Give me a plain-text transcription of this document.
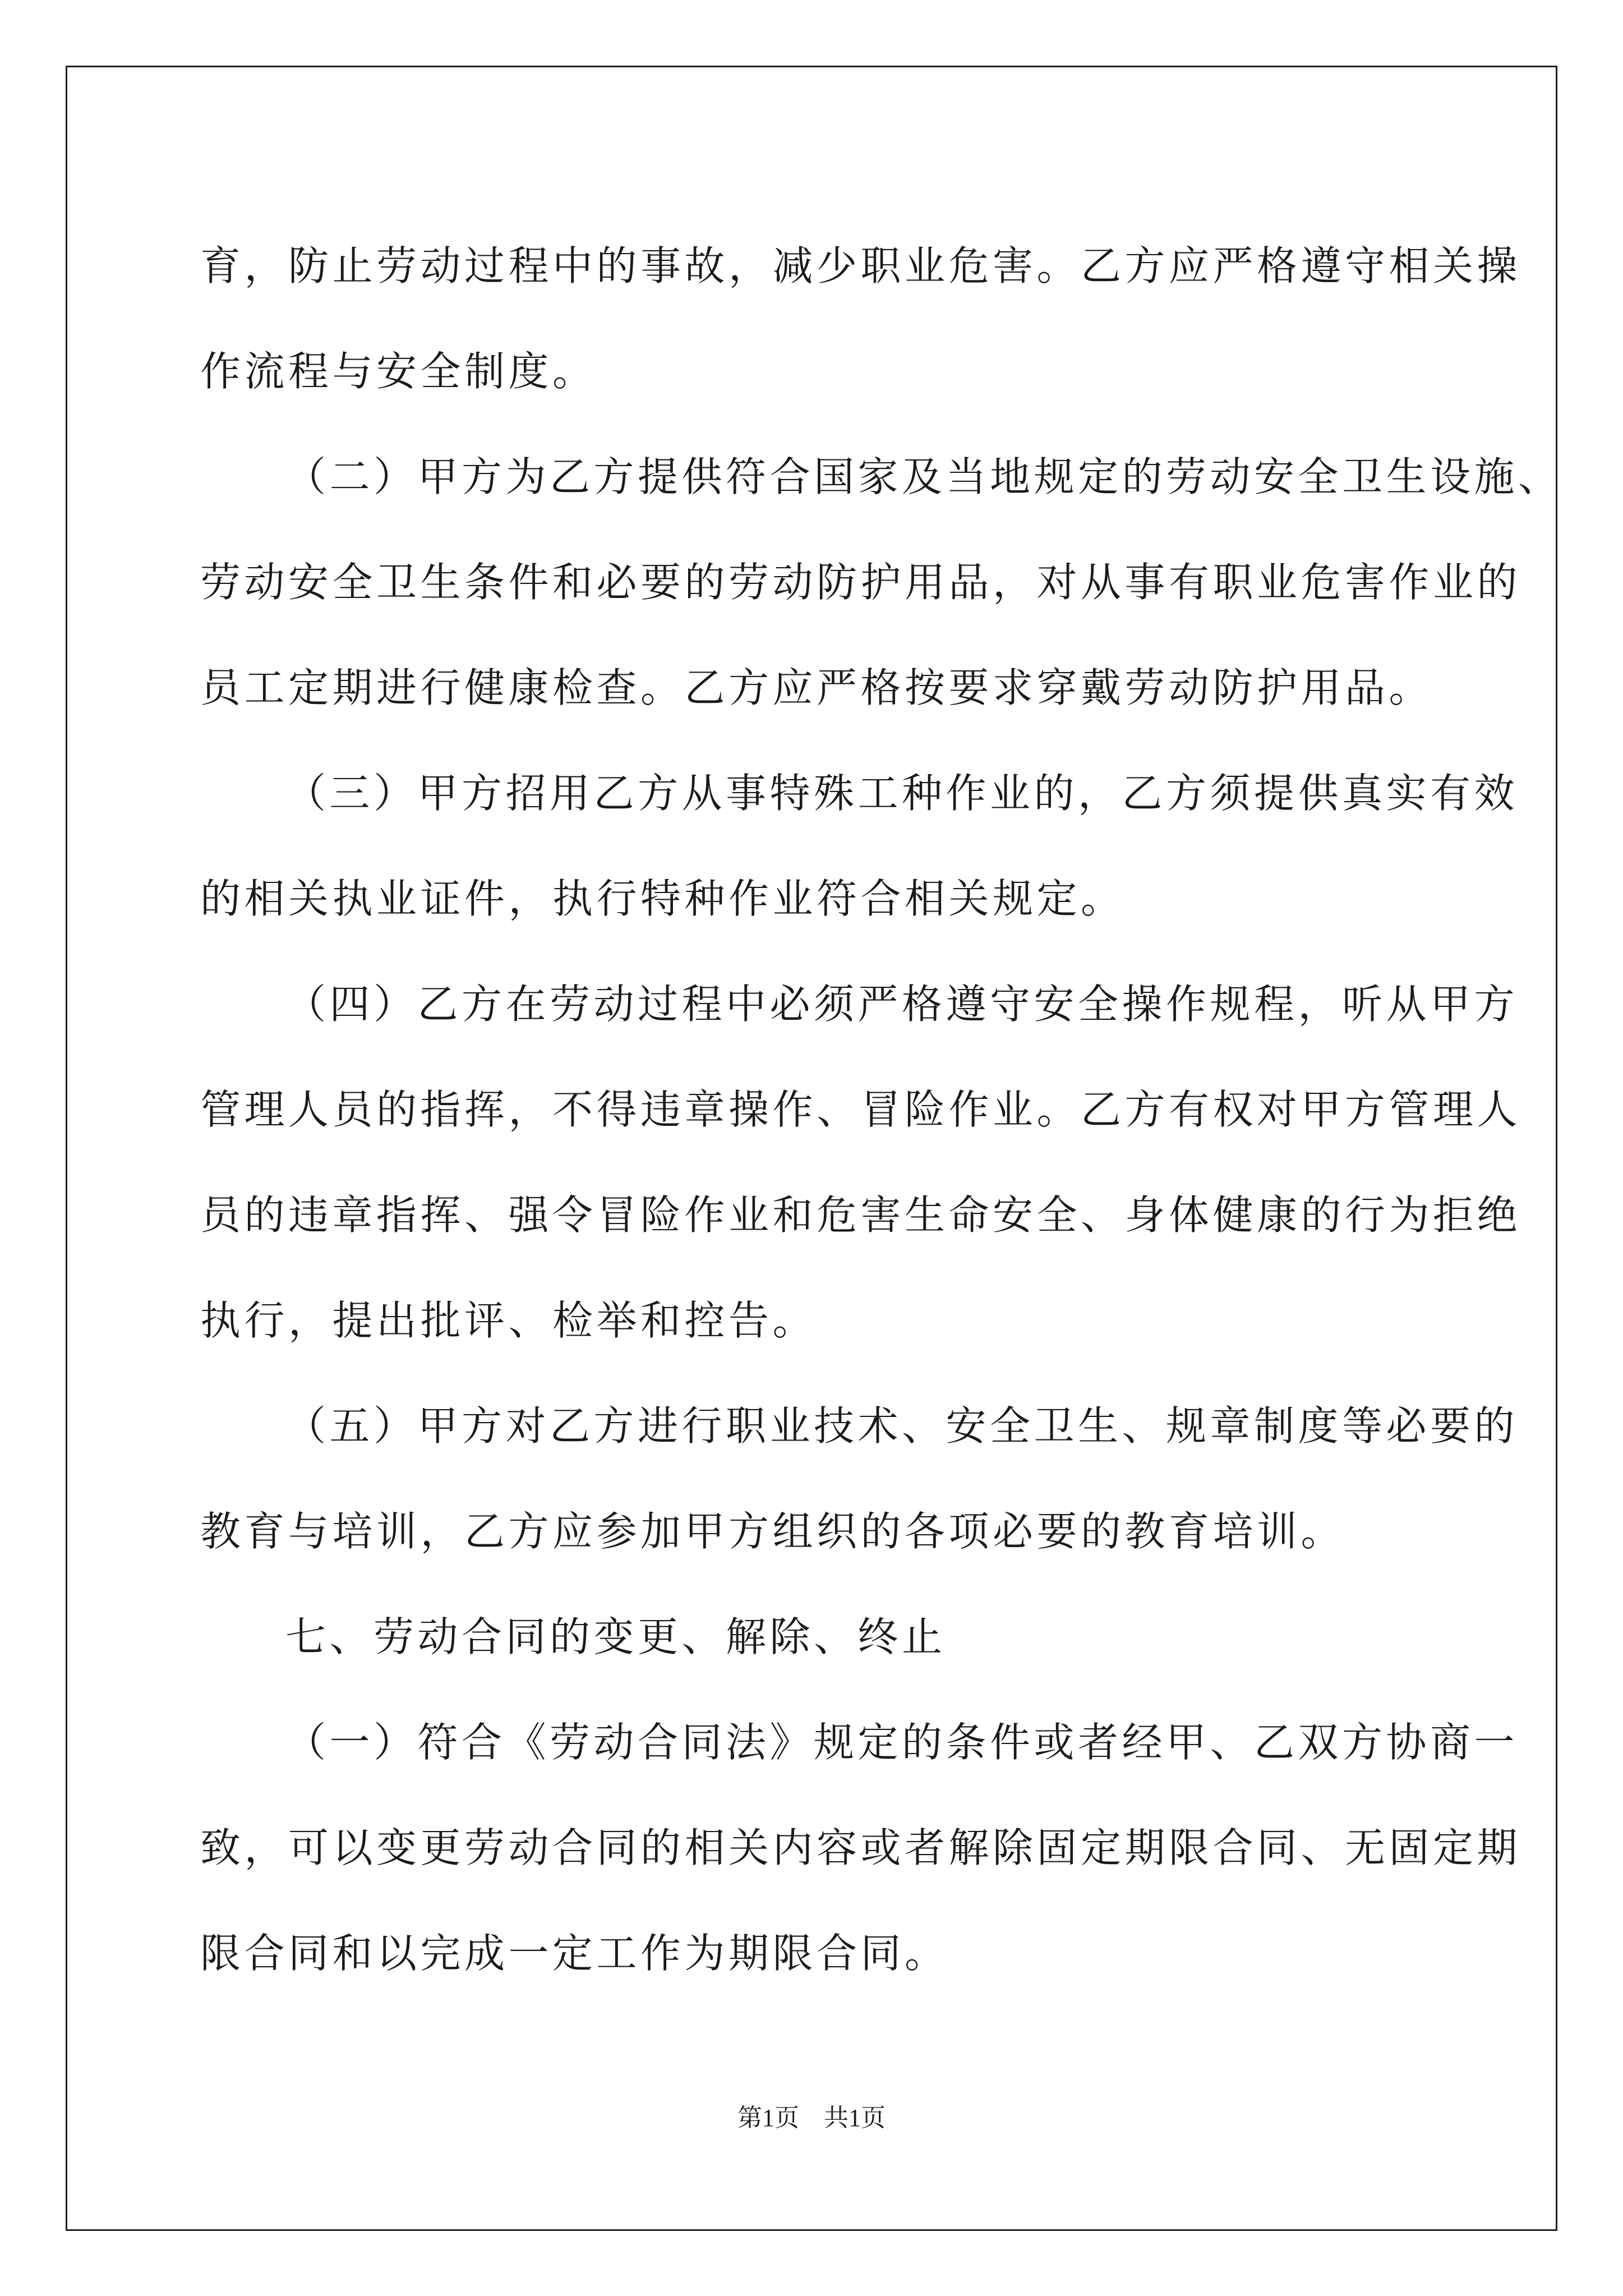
育，防止劳动过程中的事故，减少职业危害。乙方应严格遵守相关操

作流程与安全制度。

（二）甲方为乙方提供符合国家及当地规定的劳动安全卫生设施、

劳动安全卫生条件和必要的劳动防护用品，对从事有职业危害作业的

员工定期进行健康检查。乙方应严格按要求穿戴劳动防护用品。

（三）甲方招用乙方从事特殊工种作业的，乙方须提供真实有效

的相关执业证件，执行特种作业符合相关规定。

（四）乙方在劳动过程中必须严格遵守安全操作规程，听从甲方

管理人员的指挥，不得违章操作、冒险作业。乙方有权对甲方管理人

员的违章指挥、强令冒险作业和危害生命安全、身体健康的行为拒绝

执行，提出批评、检举和控告。

（五）甲方对乙方进行职业技术、安全卫生、规章制度等必要的

教育与培训，乙方应参加甲方组织的各项必要的教育培训。

七、劳动合同的变更、解除、终止

（一）符合《劳动合同法》规定的条件或者经甲、乙双方协商一

致，可以变更劳动合同的相关内容或者解除固定期限合同、无固定期

限合同和以完成一定工作为期限合同。

第1页　共1页
